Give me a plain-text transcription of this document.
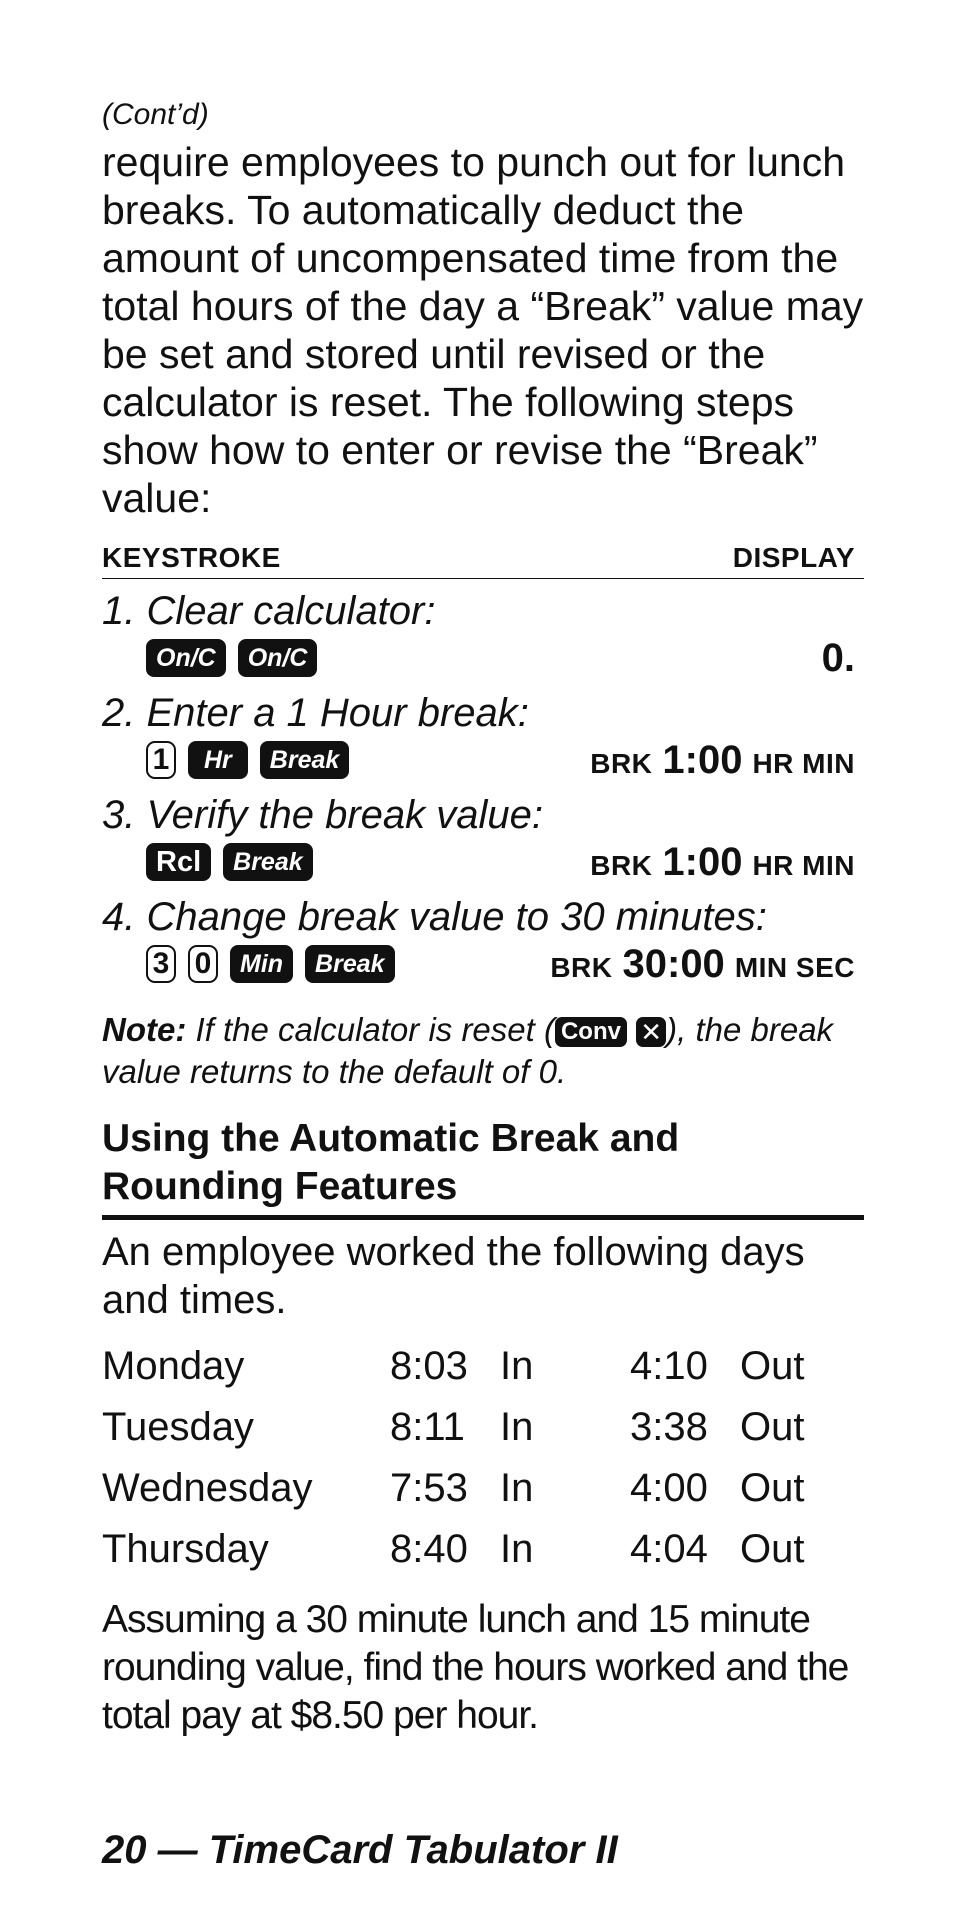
(Cont’d)
require employees to punch out for lunch breaks. To automatically deduct the amount of uncompensated time from the total hours of the day a “Break” value may be set and stored until revised or the calculator is reset. The following steps show how to enter or revise the “Break” value:
KEYSTROKE	DISPLAY
1. Clear calculator:
On/C	On/C	0.
2. Enter a 1 Hour break:
1	Hr	Break	BRK 1:00 HR MIN
3. Verify the break value:
Rcl	Break	BRK 1:00 HR MIN
4. Change break value to 30 minutes:
3 0	Min	Break	BRK 30:00 MIN SEC
Note: If the calculator is reset ( Conv ✕ ), the break value returns to the default of 0.
Using the Automatic Break and Rounding Features
An employee worked the following days and times.
Monday	8:03 In	4:10 Out
Tuesday	8:11 In	3:38 Out
Wednesday	7:53 In	4:00 Out
Thursday	8:40 In	4:04 Out
Assuming a 30 minute lunch and 15 minute rounding value, find the hours worked and the total pay at $8.50 per hour.
20 — TimeCard Tabulator II
